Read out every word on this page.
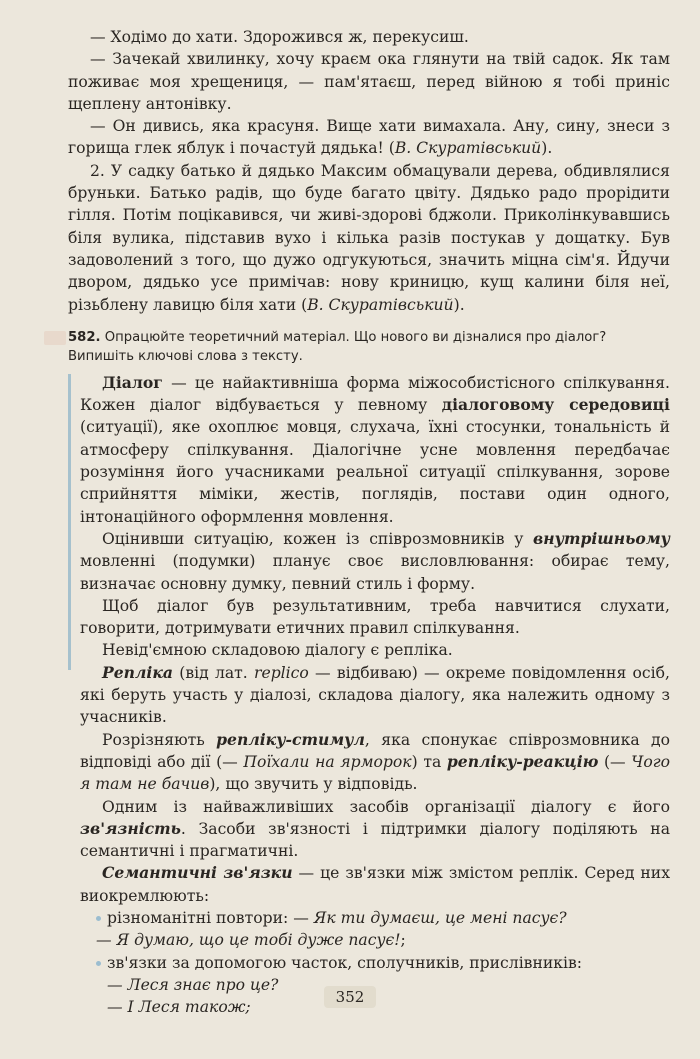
— Ходімо до хати. Здорожився ж, перекусиш.

— Зачекай хвилинку, хочу краєм ока глянути на твій садок. Як там поживає моя хрещениця, — пам'ятаєш, перед війною я тобі приніс щеплену антонівку.

— Он дивись, яка красуня. Вище хати вимахала. Ану, сину, знеси з горища глек яблук і почастуй дядька! (В. Скуратівський).

2. У садку батько й дядько Максим обмацували дерева, обдивлялися бруньки. Батько радів, що буде багато цвіту. Дядько радо прорідити гілля. Потім поцікавився, чи живі-здорові бджоли. Приколінкувавшись біля вулика, підставив вухо і кілька разів постукав у дощатку. Був задоволений з того, що дужо одгукуються, значить міцна сім'я. Йдучи двором, дядько усе примічав: нову криницю, кущ калини біля неї, різьблену лавицю біля хати (В. Скуратівський).

582. Опрацюйте теоретичний матеріал. Що нового ви дізналися про діалог? Випишіть ключові слова з тексту.

Діалог — це найактивніша форма міжособистісного спілкування. Кожен діалог відбувається у певному діалоговому середовиці (ситуації), яке охоплює мовця, слухача, їхні стосунки, тональність й атмосферу спілкування. Діалогічне усне мовлення передбачає розуміння його учасниками реальної ситуації спілкування, зорове сприйняття міміки, жестів, поглядів, постави один одного, інтонаційного оформлення мовлення.

Оцінивши ситуацію, кожен із співрозмовників у внутрішньому мовленні (подумки) планує своє висловлювання: обирає тему, визначає основну думку, певний стиль і форму.

Щоб діалог був результативним, треба навчитися слухати, говорити, дотримувати етичних правил спілкування.

Невід'ємною складовою діалогу є репліка.

Репліка (від лат. replico — відбиваю) — окреме повідомлення осіб, які беруть участь у діалозі, складова діалогу, яка належить одному з учасників.

Розрізняють репліку-стимул, яка спонукає співрозмовника до відповіді або дії (— Поїхали на ярморок) та репліку-реакцію (— Чого я там не бачив), що звучить у відповідь.

Одним із найважливіших засобів організації діалогу є його зв'язність. Засоби зв'язності і підтримки діалогу поділяють на семантичні і прагматичні.

Семантичні зв'язки — це зв'язки між змістом реплік. Серед них виокремлюють:

різноманітні повтори: — Як ти думаєш, це мені пасує?

— Я думаю, що це тобі дуже пасує!;

зв'язки за допомогою часток, сполучників, прислівників:

— Леся знає про це?

— І Леся також;

352
